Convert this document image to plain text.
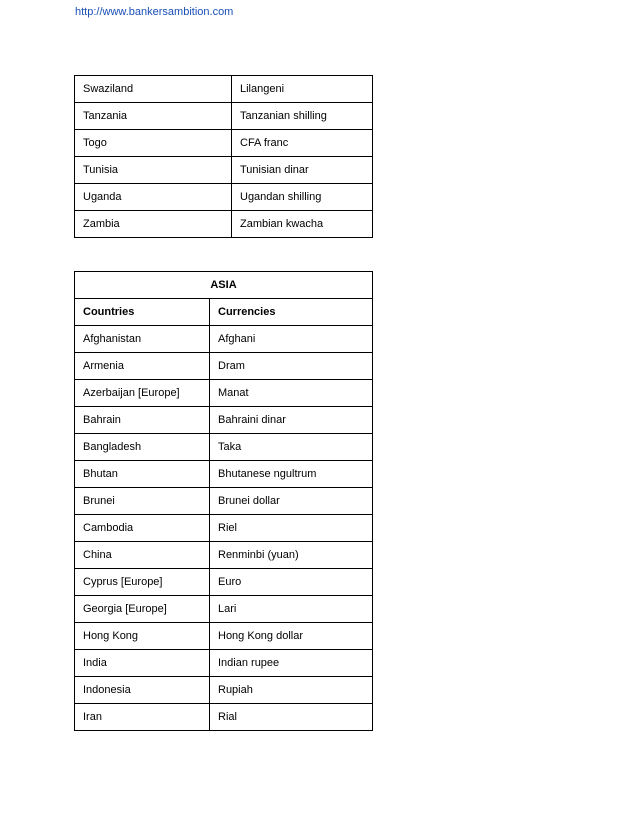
http://www.bankersambition.com
Swaziland	Lilangeni
Tanzania	Tanzanian shilling
Togo	CFA franc
Tunisia	Tunisian dinar
Uganda	Ugandan shilling
Zambia	Zambian kwacha
ASIA	
Countries	Currencies
Afghanistan	Afghani
Armenia	Dram
Azerbaijan [Europe]	Manat
Bahrain	Bahraini dinar
Bangladesh	Taka
Bhutan	Bhutanese ngultrum
Brunei	Brunei dollar
Cambodia	Riel
China	Renminbi (yuan)
Cyprus [Europe]	Euro
Georgia [Europe]	Lari
Hong Kong	Hong Kong dollar
India	Indian rupee
Indonesia	Rupiah
Iran	Rial
